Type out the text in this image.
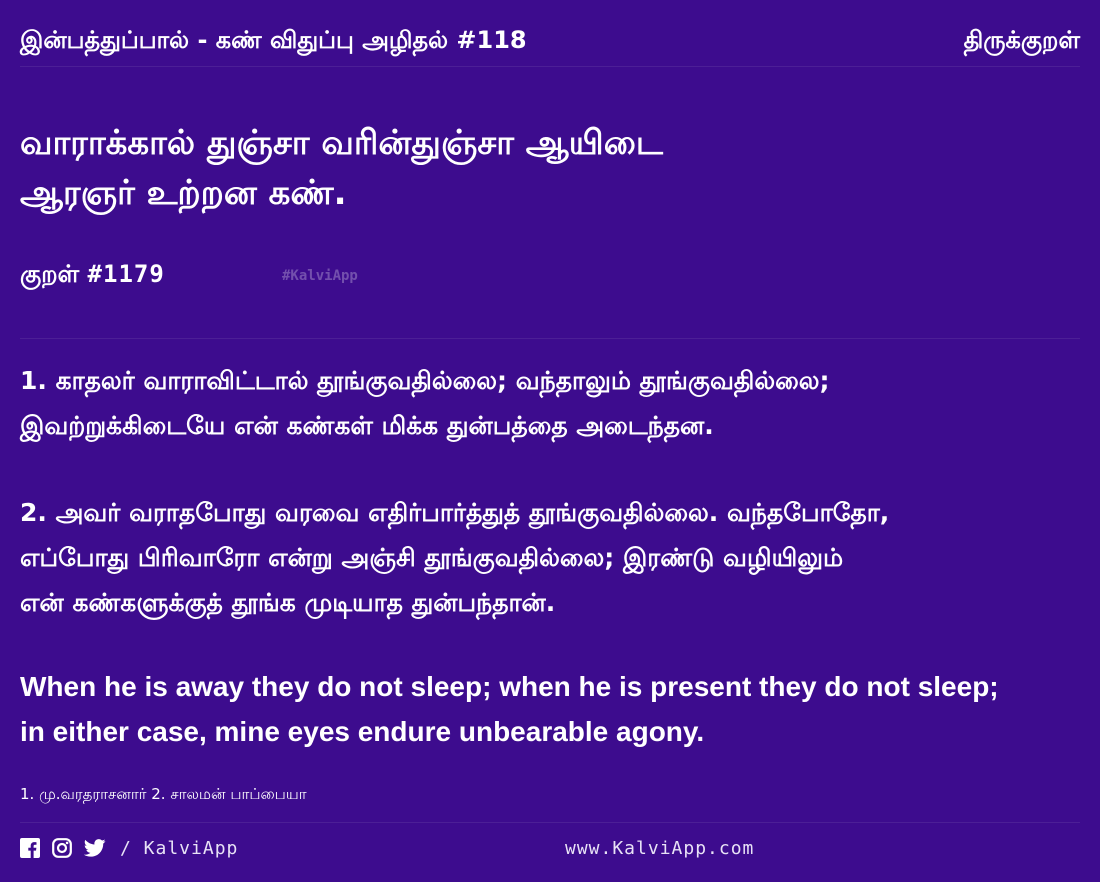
இன்பத்துப்பால் - கண் விதுப்பு அழிதல் #118	திருக்குறள்
வாராக்கால் துஞ்சா வரின்துஞ்சா ஆயிடை
ஆரஞர் உற்றன கண்.
குறள் #1179	#KalviApp
1. காதலர் வாராவிட்டால் தூங்குவதில்லை; வந்தாலும் தூங்குவதில்லை;
இவற்றுக்கிடையே என் கண்கள் மிக்க துன்பத்தை அடைந்தன.
2. அவர் வராதபோது வரவை எதிர்பார்த்துத் தூங்குவதில்லை. வந்தபோதோ,
எப்போது பிரிவாரோ என்று அஞ்சி தூங்குவதில்லை; இரண்டு வழியிலும்
என் கண்களுக்குத் தூங்க முடியாத துன்பந்தான்.
When he is away they do not sleep; when he is present they do not sleep;
in either case, mine eyes endure unbearable agony.
1. மு.வரதராசனார் 2. சாலமன் பாப்பையா
/ KalviApp	www.KalviApp.com
